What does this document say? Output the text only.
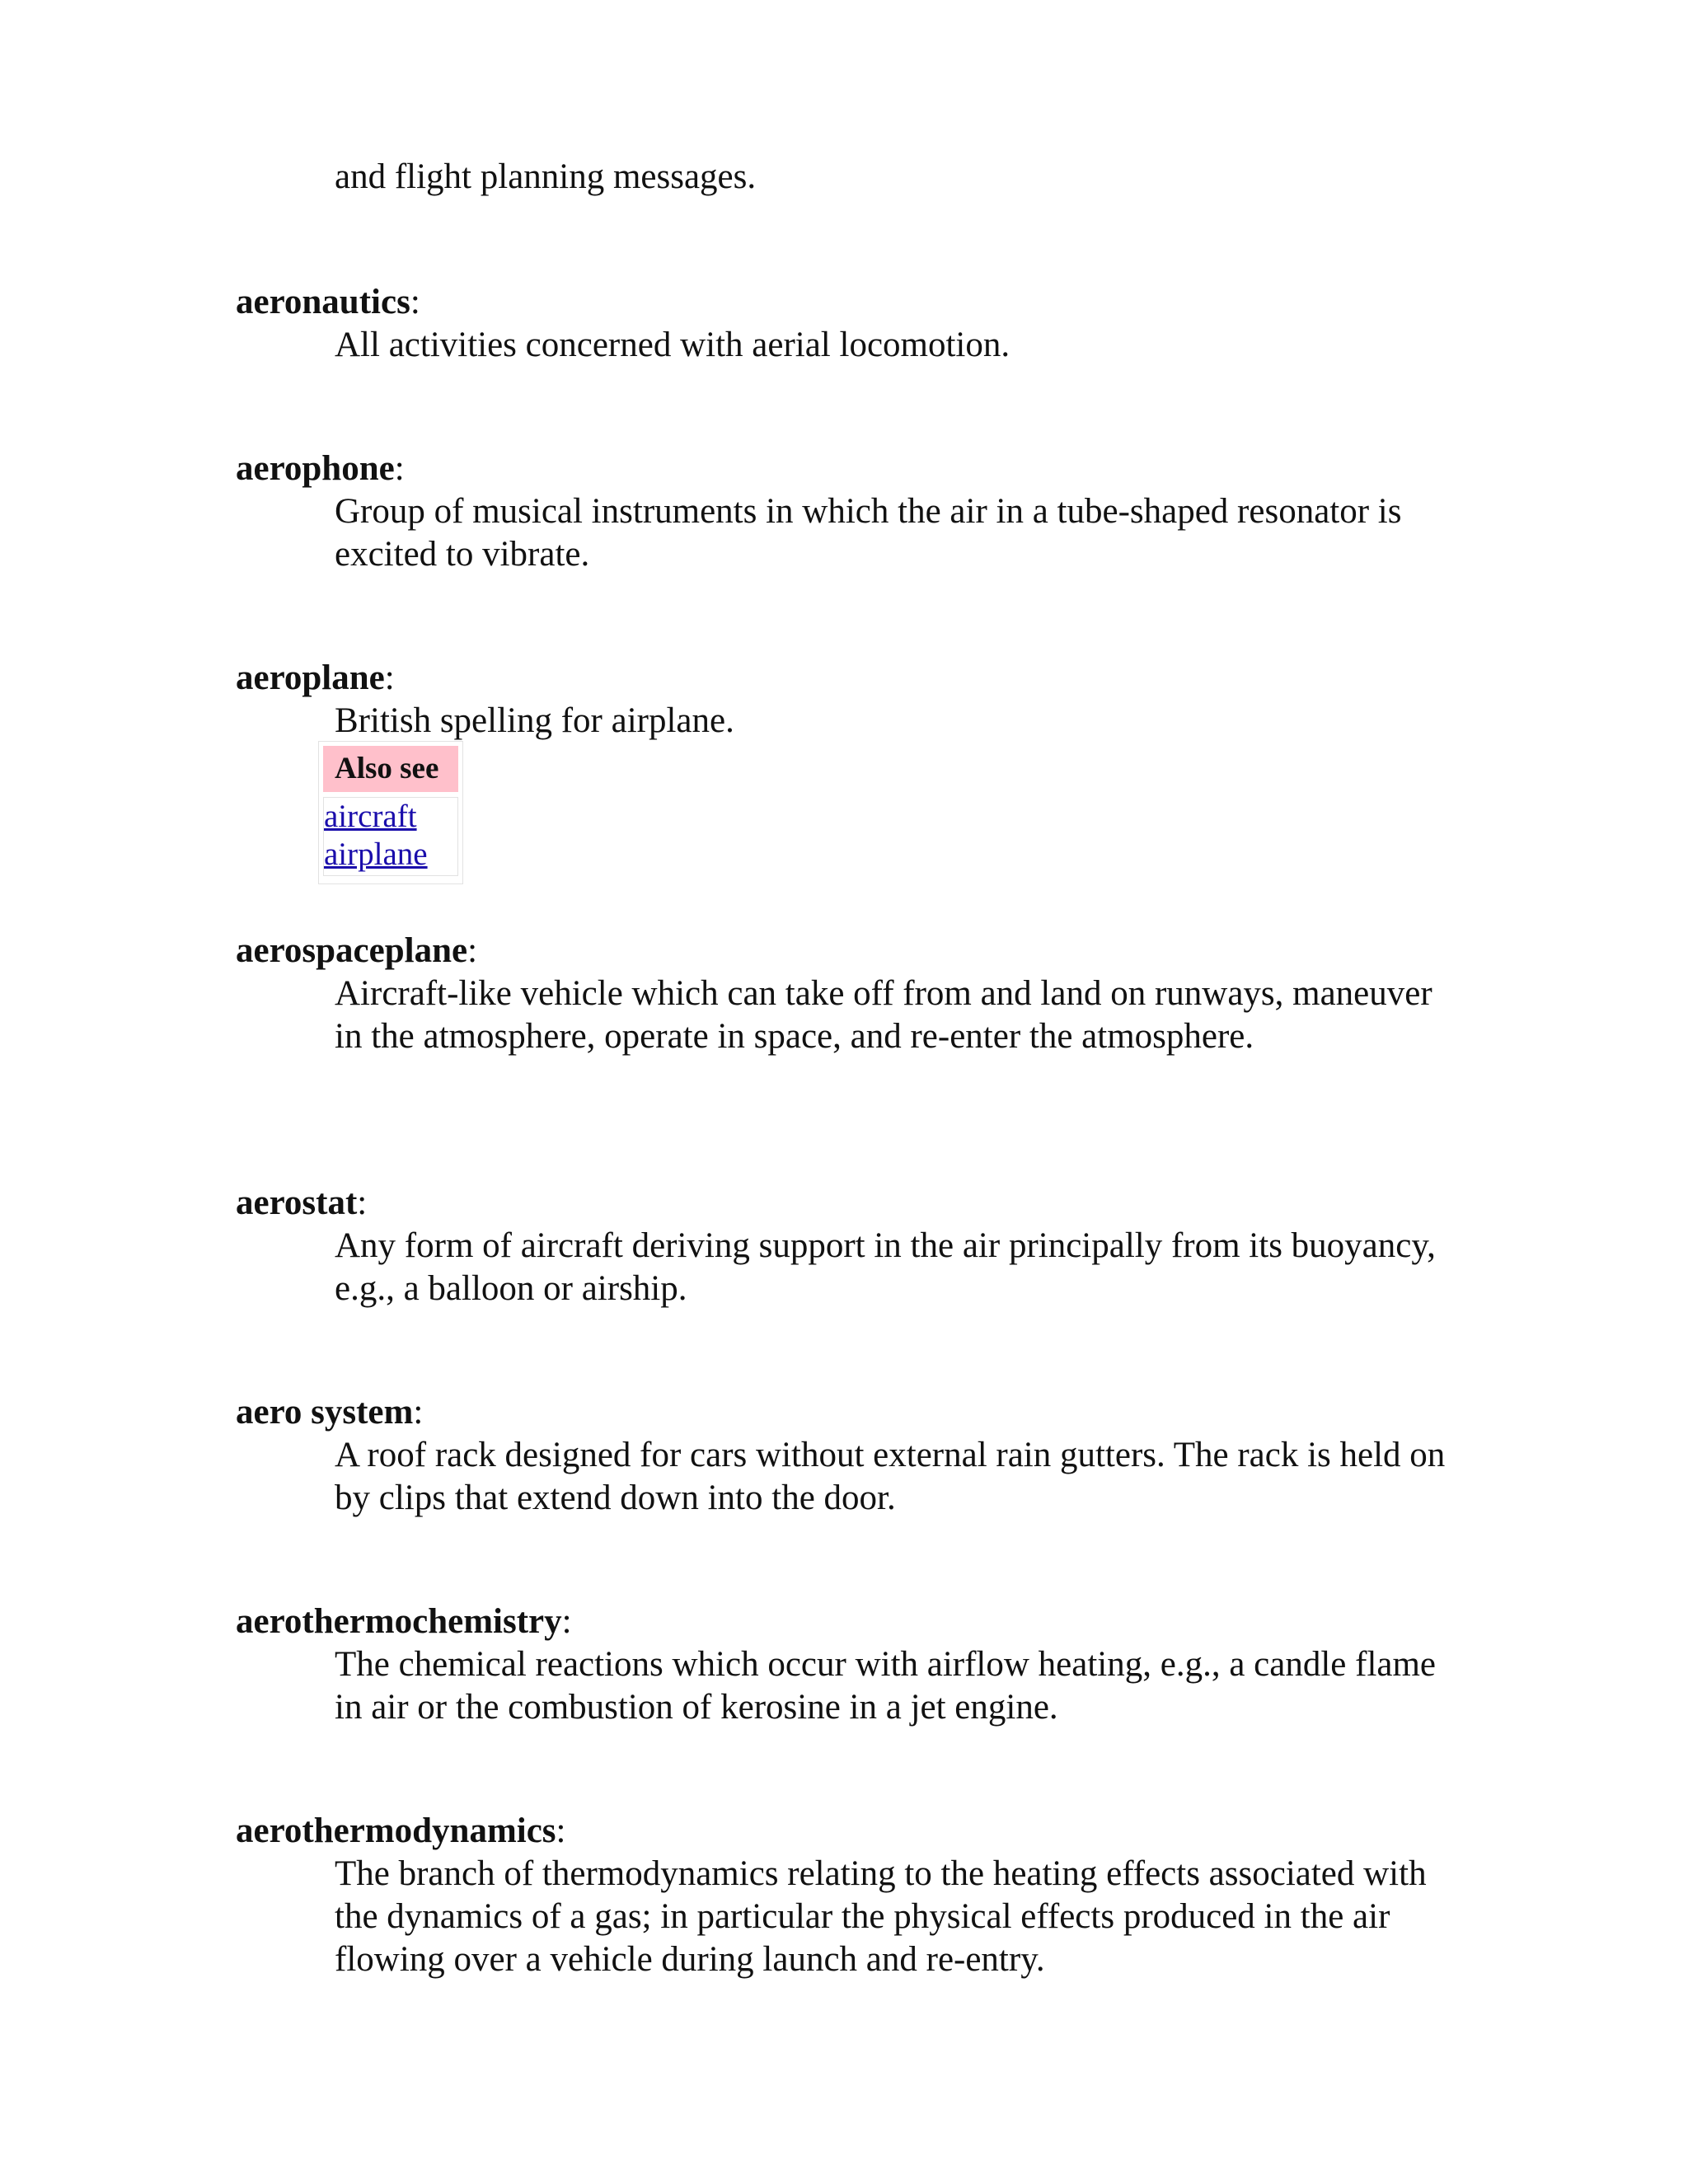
and flight planning messages.

aeronautics:
All activities concerned with aerial locomotion.
aerophone:
Group of musical instruments in which the air in a tube-shaped resonator is excited to vibrate.
aeroplane:
British spelling for airplane.
aerospaceplane:
Aircraft-like vehicle which can take off from and land on runways, maneuver in the atmosphere, operate in space, and re-enter the atmosphere.
aerostat:
Any form of aircraft deriving support in the air principally from its buoyancy, e.g., a balloon or airship.
aero system:
A roof rack designed for cars without external rain gutters. The rack is held on by clips that extend down into the door.
aerothermochemistry:
The chemical reactions which occur with airflow heating, e.g., a candle flame in air or the combustion of kerosine in a jet engine.
aerothermodynamics:
The branch of thermodynamics relating to the heating effects associated with the dynamics of a gas; in particular the physical effects produced in the air flowing over a vehicle during launch and re-entry.
Also see
aircraft
airplane
